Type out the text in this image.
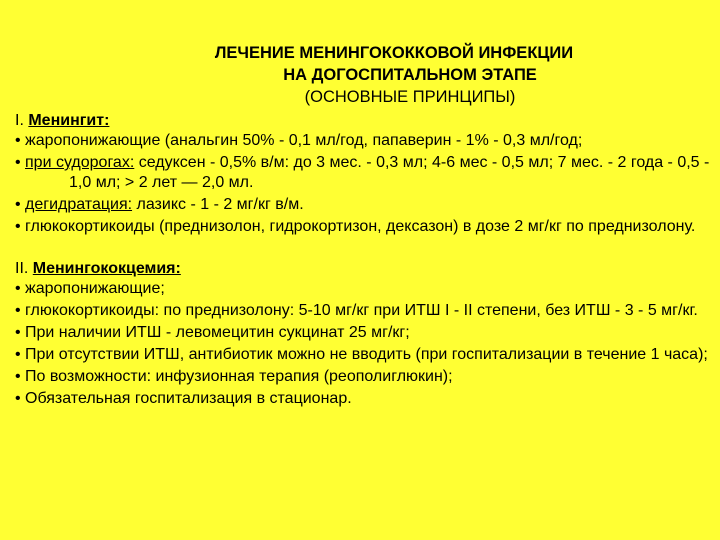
ЛЕЧЕНИЕ МЕНИНГОКОККОВОЙ ИНФЕКЦИИ
НА ДОГОСПИТАЛЬНОМ ЭТАПЕ
(ОСНОВНЫЕ ПРИНЦИПЫ)

I. Менингит:

• жаропонижающие (анальгин 50% - 0,1 мл/год, папаверин - 1% - 0,3 мл/год;

• при судорогах: седуксен - 0,5% в/м: до 3 мес. - 0,3 мл; 4-6 мес - 0,5 мл; 7 мес. - 2 года - 0,5 - 1,0 мл; > 2 лет — 2,0 мл.

• дегидратация: лазикс - 1 - 2 мг/кг в/м.

• глюкокортикоиды (преднизолон, гидрокортизон, дексазон) в дозе 2 мг/кг по преднизолону.

II. Менингококцемия:

• жаропонижающие;

• глюкокортикоиды: по преднизолону: 5-10 мг/кг при ИТШ I - II степени, без ИТШ - 3 - 5 мг/кг.

• При наличии ИТШ - левомецитин сукцинат 25 мг/кг;

• При отсутствии ИТШ, антибиотик можно не вводить (при госпитализации в течение 1 часа);

• По возможности: инфузионная терапия (реополиглюкин);

• Обязательная госпитализация в стационар.
